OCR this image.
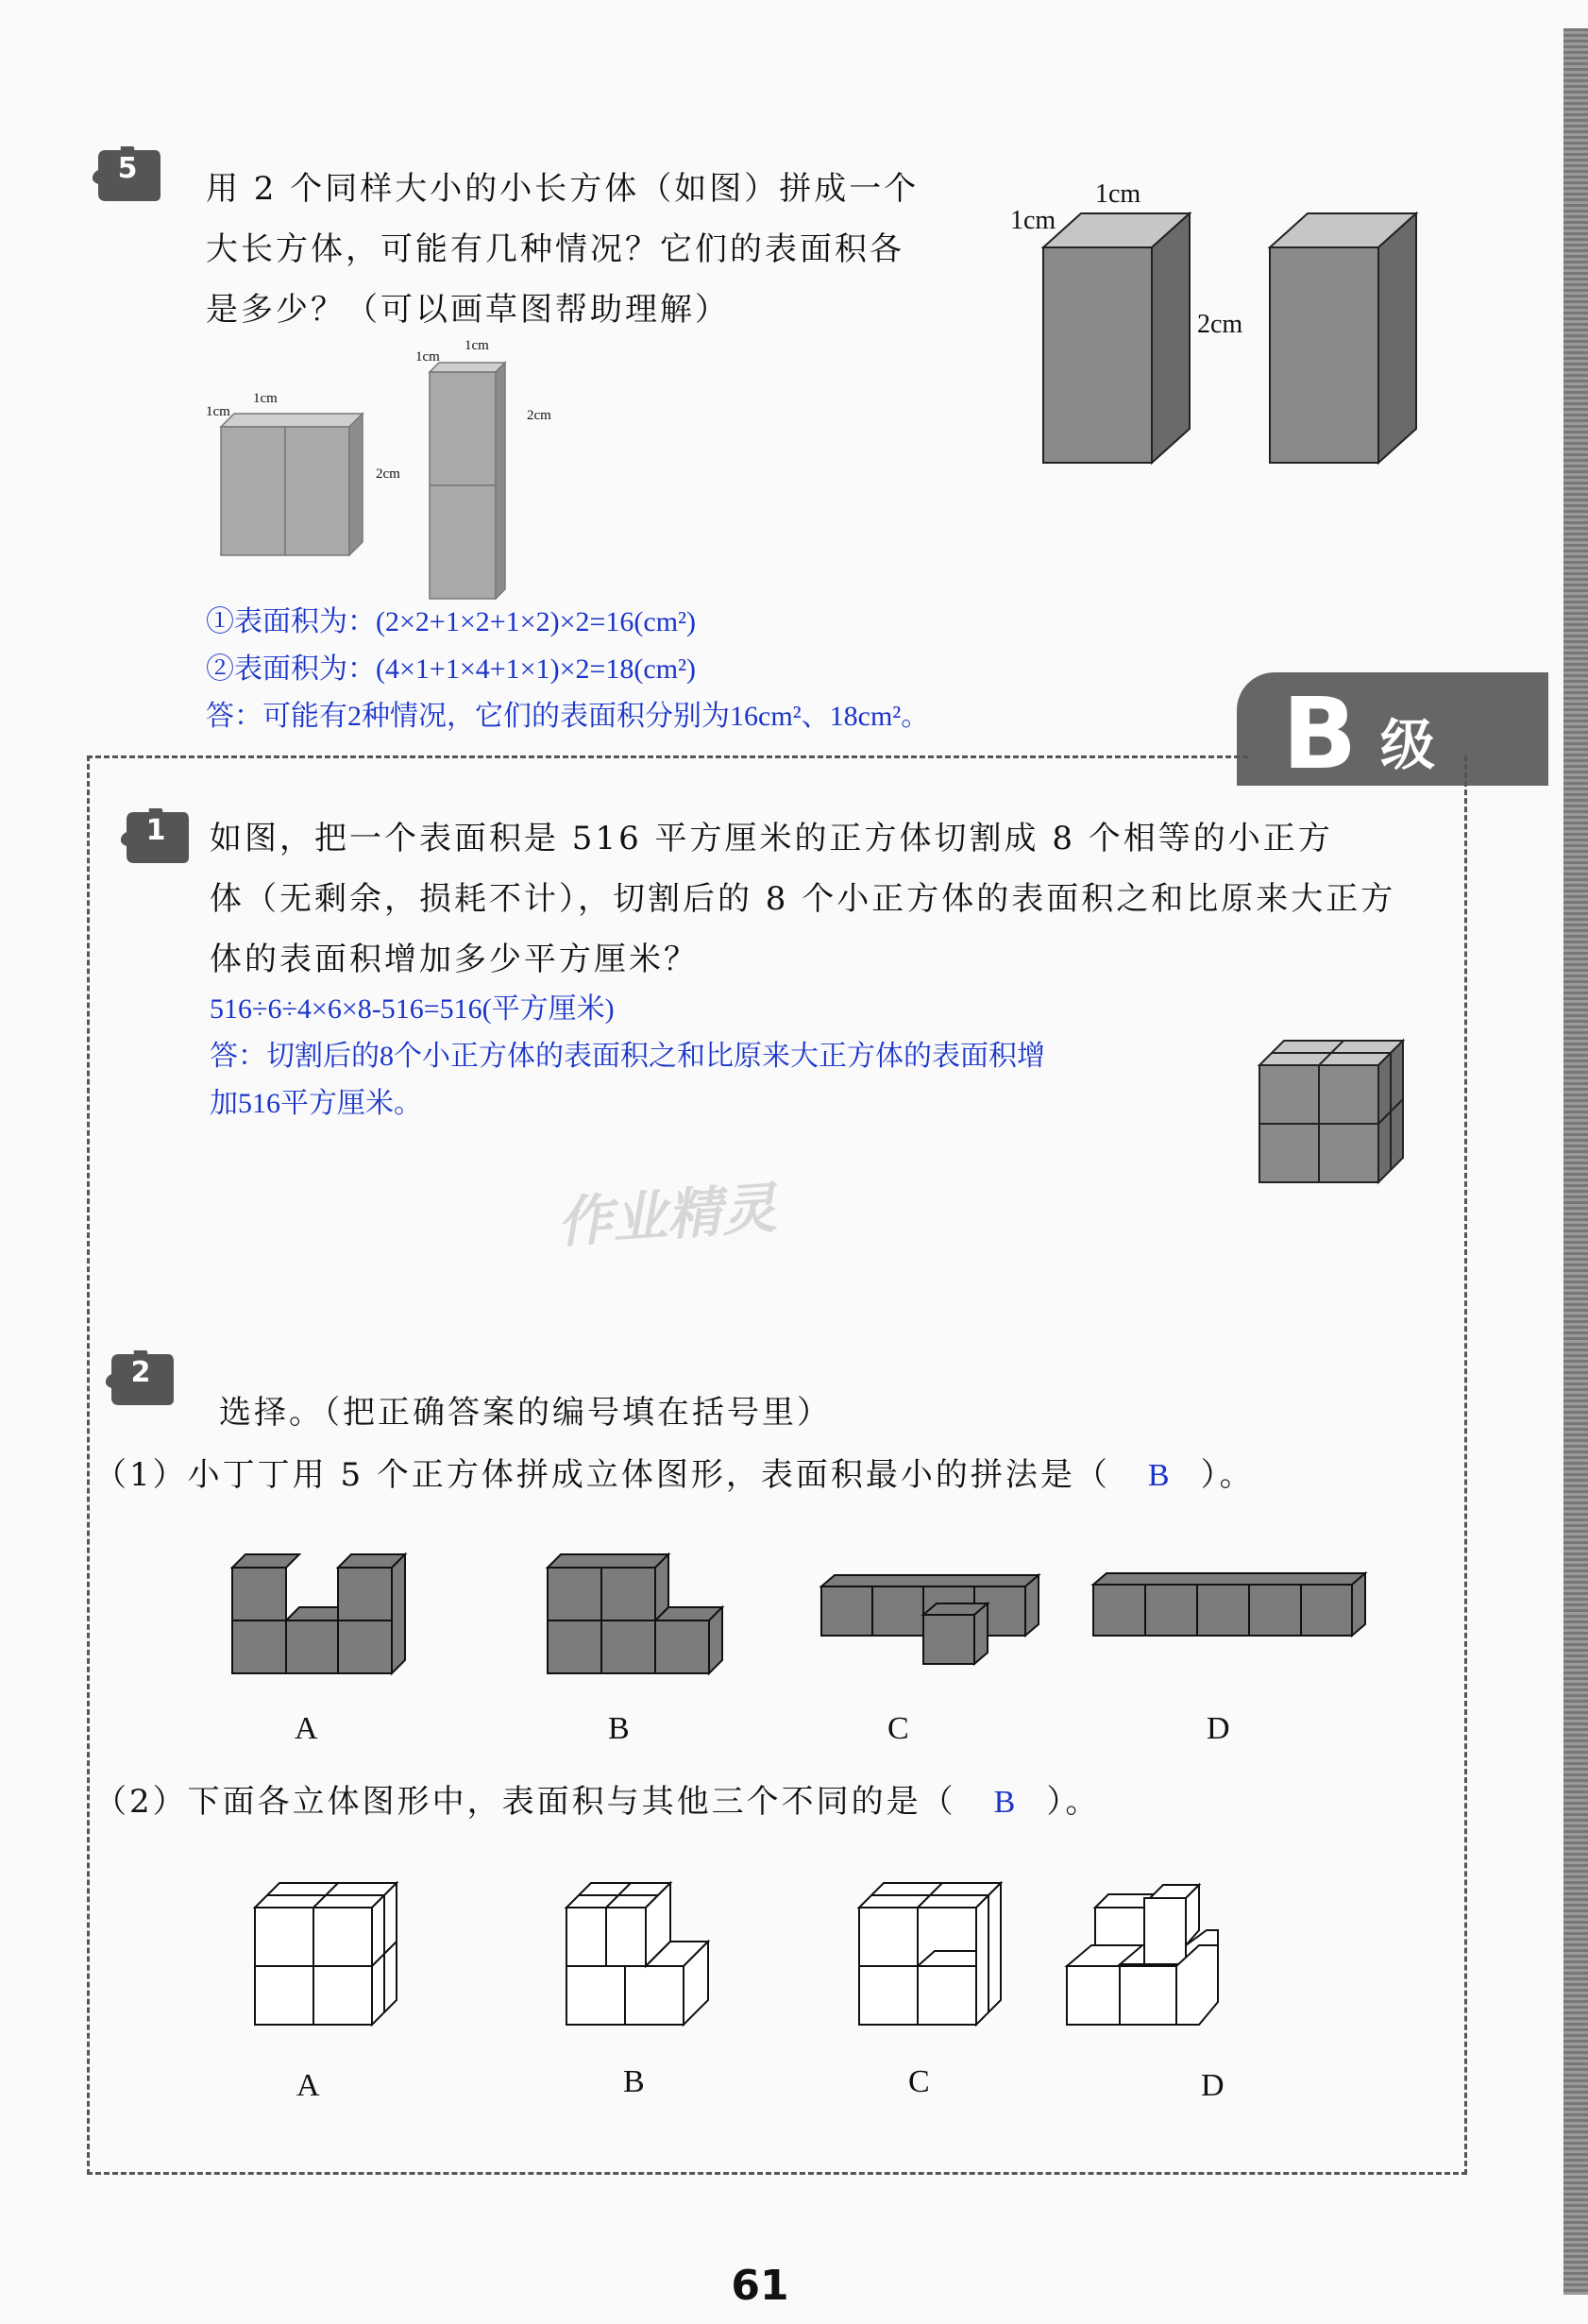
5
用 2 个同样大小的小长方体（如图）拼成一个
大长方体，可能有几种情况？它们的表面积各
是多少？（可以画草图帮助理解）
1cm
1cm
2cm
1cm
1cm
2cm
1cm
1cm
2cm
①表面积为：(2×2+1×2+1×2)×2=16(cm²)
②表面积为：(4×1+1×4+1×1)×2=18(cm²)
答：可能有2种情况，它们的表面积分别为16cm²、18cm²。	B 级
1	如图，把一个表面积是 516 平方厘米的正方体切割成 8 个相等的小正方
体（无剩余，损耗不计），切割后的 8 个小正方体的表面积之和比原来大正方
体的表面积增加多少平方厘米？
516÷6÷4×6×8-516=516(平方厘米)
答：切割后的8个小正方体的表面积之和比原来大正方体的表面积增
加516平方厘米。
作业精灵
2
选择。（把正确答案的编号填在括号里）
（1）小丁丁用 5 个正方体拼成立体图形，表面积最小的拼法是（ B ）。
A	B	C	D
（2）下面各立体图形中，表面积与其他三个不同的是（ B ）。
A	B	C	D
61
